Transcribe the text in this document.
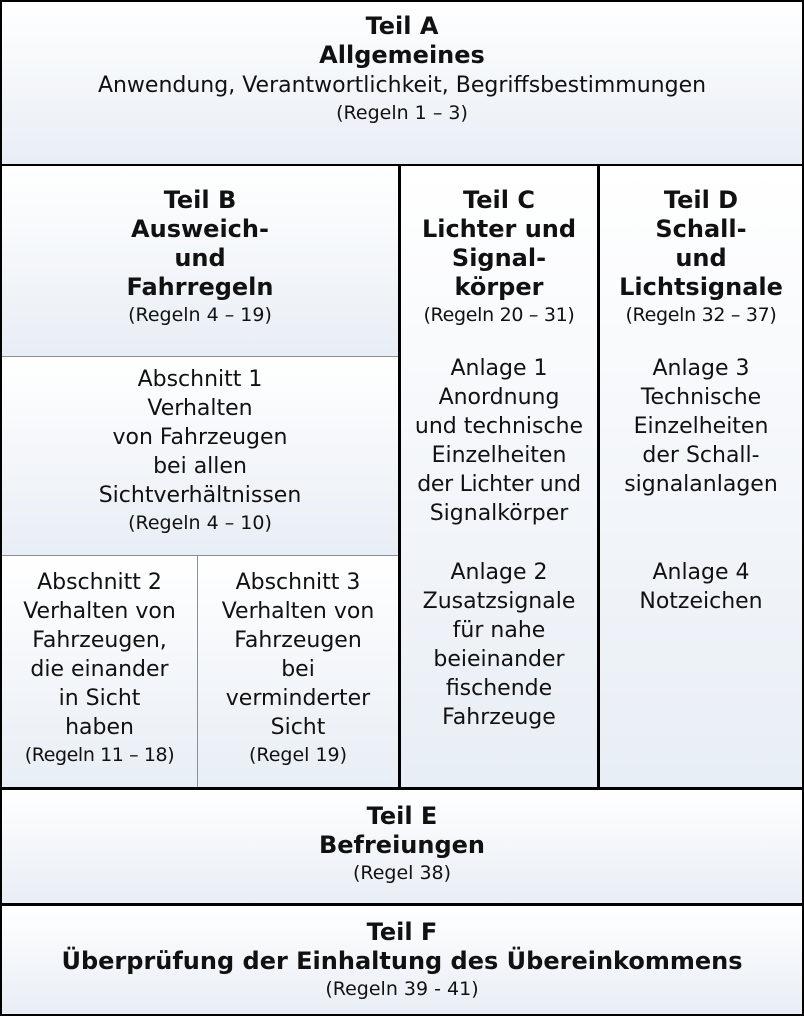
Teil A
Allgemeines
Anwendung, Verantwortlichkeit, Begriffsbestimmungen
(Regeln 1 – 3)
Teil B
Ausweich-
und
Fahrregeln
(Regeln 4 – 19)
Abschnitt 1
Verhalten
von Fahrzeugen
bei allen
Sichtverhältnissen
(Regeln 4 – 10)
Abschnitt 2
Verhalten von
Fahrzeugen,
die einander
in Sicht
haben
(Regeln 11 – 18)
Abschnitt 3
Verhalten von
Fahrzeugen
bei
verminderter
Sicht
(Regel 19)
Teil C
Lichter und
Signal-
körper
(Regeln 20 – 31)
Anlage 1
Anordnung
und technische
Einzelheiten
der Lichter und
Signalkörper
Anlage 2
Zusatzsignale
für nahe
beieinander
fischende
Fahrzeuge
Teil D
Schall-
und
Lichtsignale
(Regeln 32 – 37)
Anlage 3
Technische
Einzelheiten
der Schall-
signalanlagen
Anlage 4
Notzeichen
Teil E
Befreiungen
(Regel 38)
Teil F
Überprüfung der Einhaltung des Übereinkommens
(Regeln 39 - 41)
